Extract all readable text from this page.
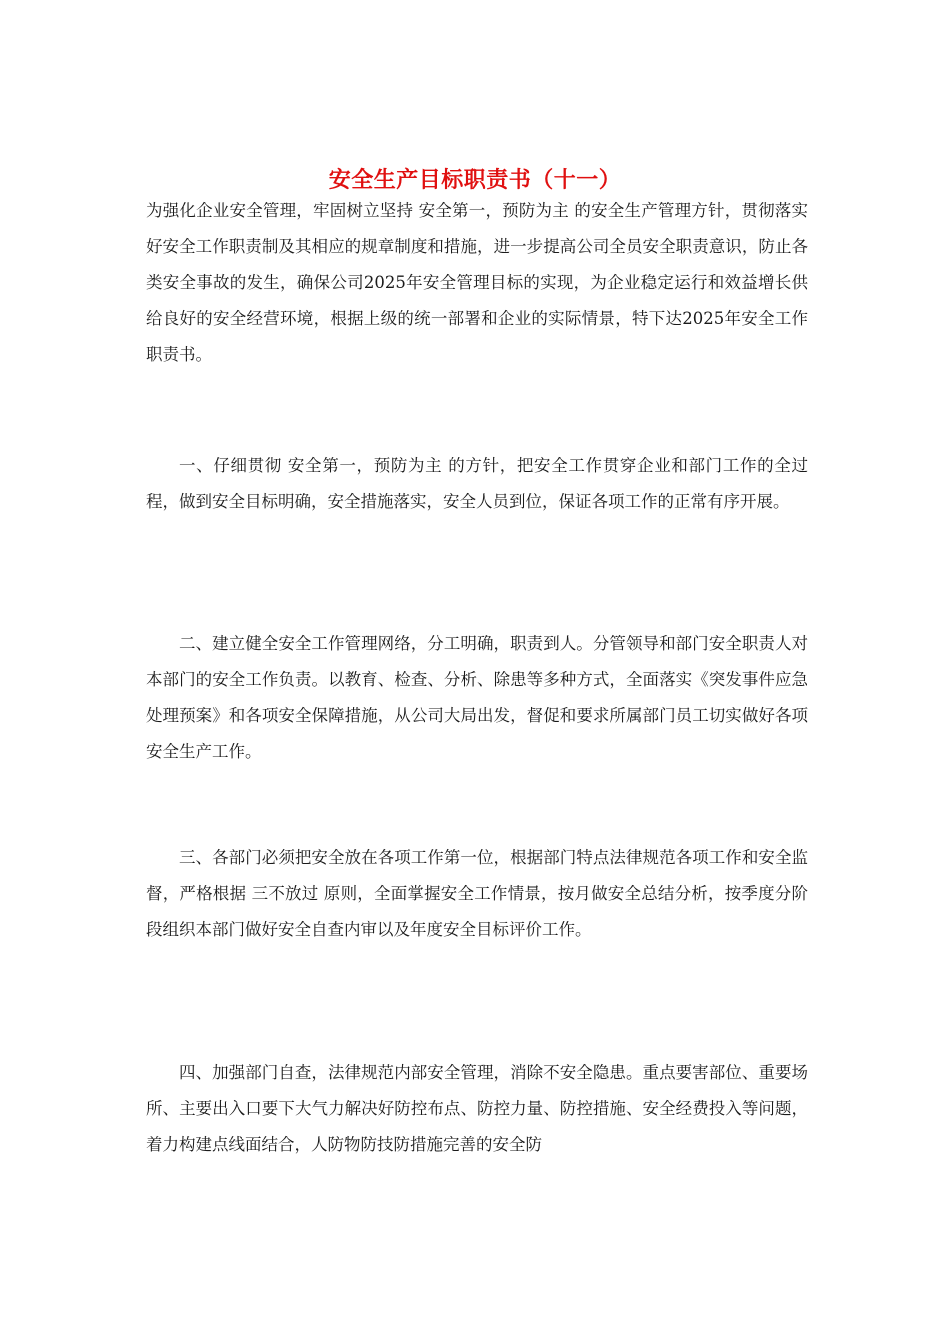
安全生产目标职责书（十一）

为强化企业安全管理，牢固树立坚持 安全第一，预防为主 的安全生产管理方针，贯彻落实好安全工作职责制及其相应的规章制度和措施，进一步提高公司全员安全职责意识，防止各类安全事故的发生，确保公司2025年安全管理目标的实现，为企业稳定运行和效益增长供给良好的安全经营环境，根据上级的统一部署和企业的实际情景，特下达2025年安全工作职责书。

一、仔细贯彻 安全第一，预防为主 的方针，把安全工作贯穿企业和部门工作的全过程，做到安全目标明确，安全措施落实，安全人员到位，保证各项工作的正常有序开展。

二、建立健全安全工作管理网络，分工明确，职责到人。分管领导和部门安全职责人对本部门的安全工作负责。以教育、检查、分析、除患等多种方式，全面落实《突发事件应急处理预案》和各项安全保障措施，从公司大局出发，督促和要求所属部门员工切实做好各项安全生产工作。

三、各部门必须把安全放在各项工作第一位，根据部门特点法律规范各项工作和安全监督，严格根据 三不放过 原则，全面掌握安全工作情景，按月做安全总结分析，按季度分阶段组织本部门做好安全自查内审以及年度安全目标评价工作。

四、加强部门自查，法律规范内部安全管理，消除不安全隐患。重点要害部位、重要场所、主要出入口要下大气力解决好防控布点、防控力量、防控措施、安全经费投入等问题，着力构建点线面结合，人防物防技防措施完善的安全防
